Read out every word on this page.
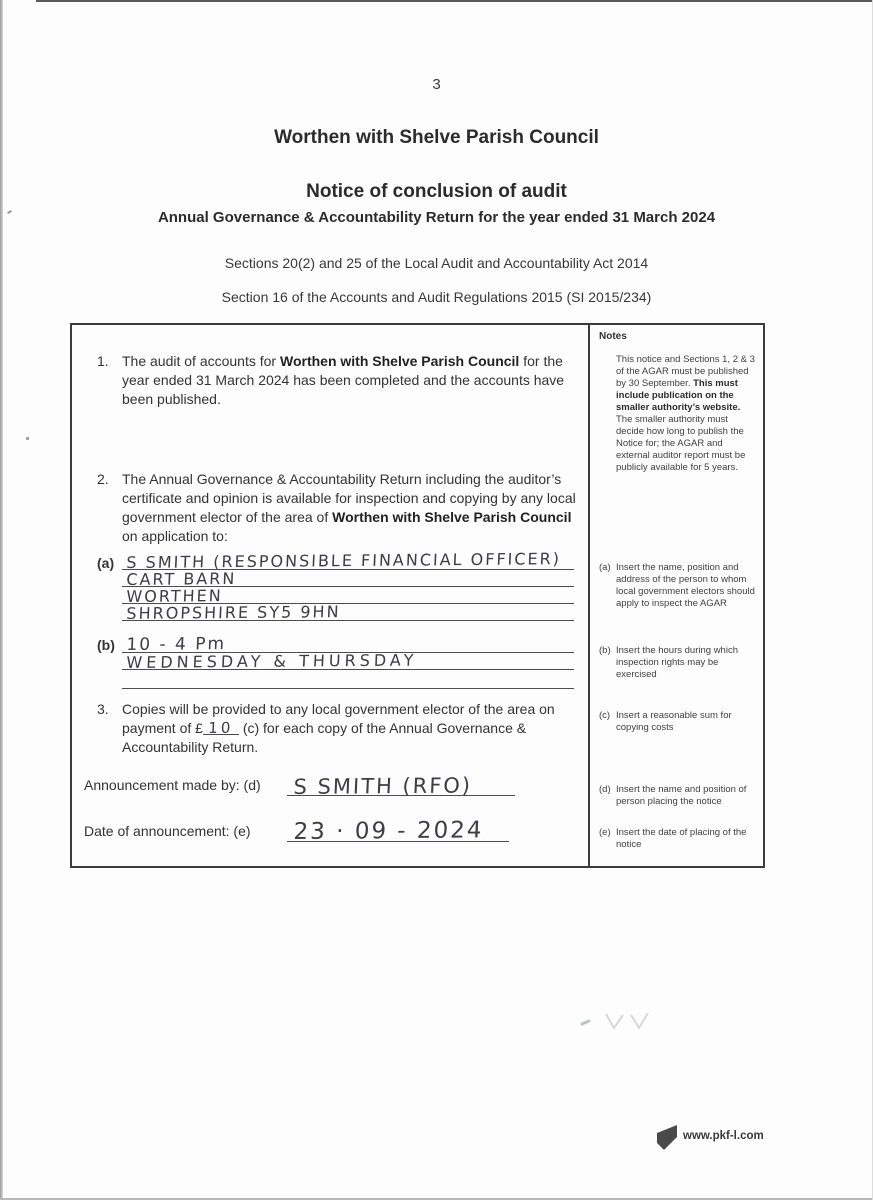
3
Worthen with Shelve Parish Council
Notice of conclusion of audit
Annual Governance & Accountability Return for the year ended 31 March 2024
Sections 20(2) and 25 of the Local Audit and Accountability Act 2014
Section 16 of the Accounts and Audit Regulations 2015 (SI 2015/234)
1. The audit of accounts for Worthen with Shelve Parish Council for the year ended 31 March 2024 has been completed and the accounts have been published.
2. The Annual Governance & Accountability Return including the auditor’s certificate and opinion is available for inspection and copying by any local government elector of the area of Worthen with Shelve Parish Council on application to:
(a) S SMITH (RESPONSIBLE FINANCIAL OFFICER)
CART BARN
WORTHEN
SHROPSHIRE SY5 9HN
(b) 10 - 4 Pm
WEDNESDAY & THURSDAY
3. Copies will be provided to any local government elector of the area on payment of £ 10 (c) for each copy of the Annual Governance & Accountability Return.
Announcement made by: (d) S SMITH (RFO)
Date of announcement: (e) 23 · 09 - 2024
Notes
This notice and Sections 1, 2 & 3 of the AGAR must be published by 30 September. This must include publication on the smaller authority’s website. The smaller authority must decide how long to publish the Notice for; the AGAR and external auditor report must be publicly available for 5 years.
(a) Insert the name, position and address of the person to whom local government electors should apply to inspect the AGAR
(b) Insert the hours during which inspection rights may be exercised
(c) Insert a reasonable sum for copying costs
(d) Insert the name and position of person placing the notice
(e) Insert the date of placing of the notice
www.pkf-l.com
